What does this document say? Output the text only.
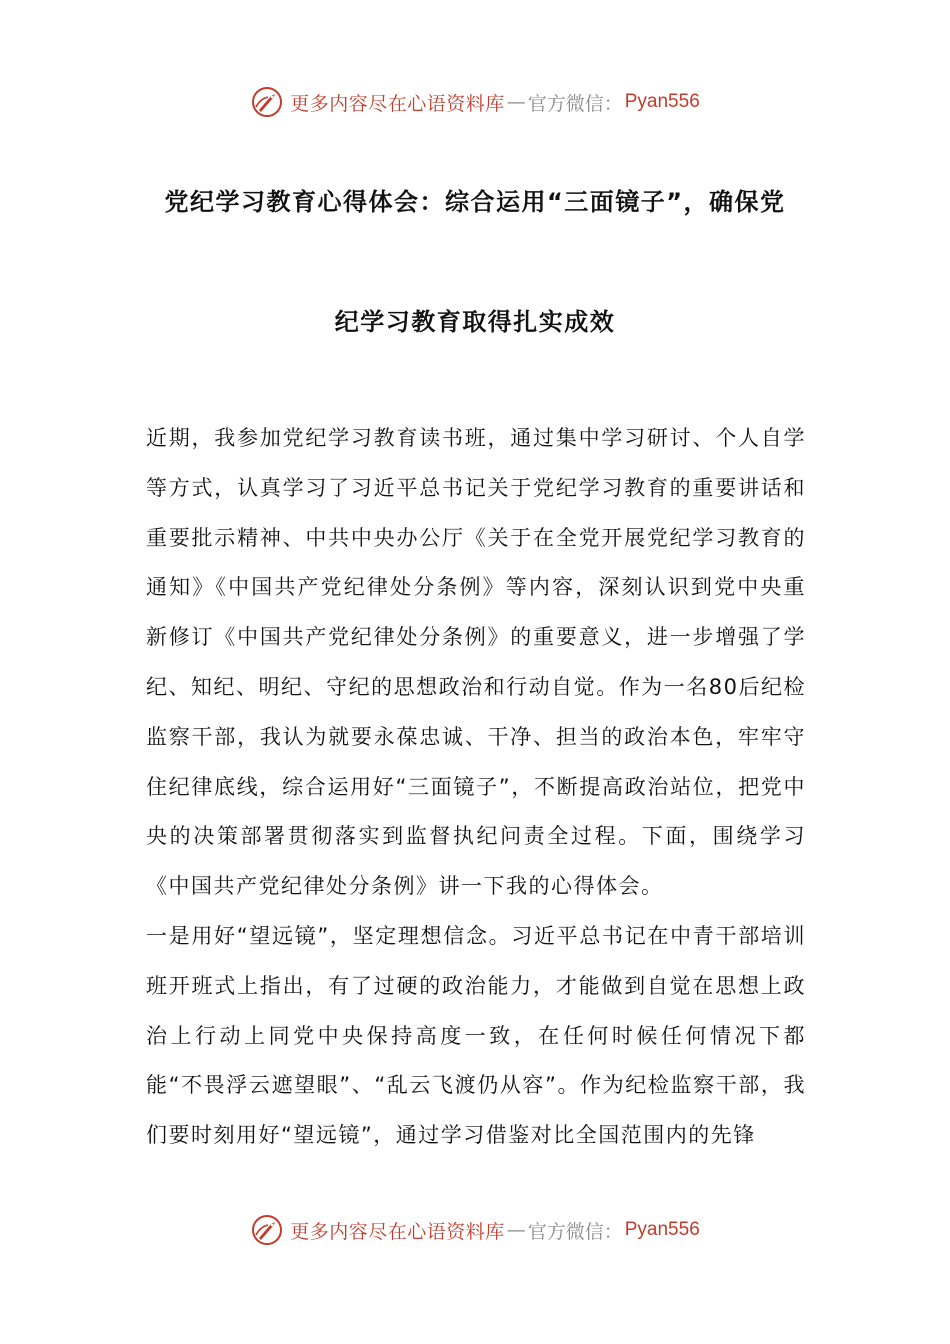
更多内容尽在心语资料库 — 官方微信： Pyan556
党纪学习教育心得体会：综合运用“三面镜子”，确保党
纪学习教育取得扎实成效

近期，我参加党纪学习教育读书班，通过集中学习研讨、个人自学等方式，认真学习了习近平总书记关于党纪学习教育的重要讲话和重要批示精神、中共中央办公厅《关于在全党开展党纪学习教育的通知》《中国共产党纪律处分条例》等内容，深刻认识到党中央重新修订《中国共产党纪律处分条例》的重要意义，进一步增强了学纪、知纪、明纪、守纪的思想政治和行动自觉。作为一名80后纪检监察干部，我认为就要永葆忠诚、干净、担当的政治本色，牢牢守住纪律底线，综合运用好“三面镜子”，不断提高政治站位，把党中央的决策部署贯彻落实到监督执纪问责全过程。下面，围绕学习《中国共产党纪律处分条例》讲一下我的心得体会。

一是用好“望远镜”，坚定理想信念。习近平总书记在中青干部培训班开班式上指出，有了过硬的政治能力，才能做到自觉在思想上政治上行动上同党中央保持高度一致，在任何时候任何情况下都能“不畏浮云遮望眼”、“乱云飞渡仍从容”。作为纪检监察干部，我们要时刻用好“望远镜”，通过学习借鉴对比全国范围内的先锋

更多内容尽在心语资料库 — 官方微信： Pyan556
